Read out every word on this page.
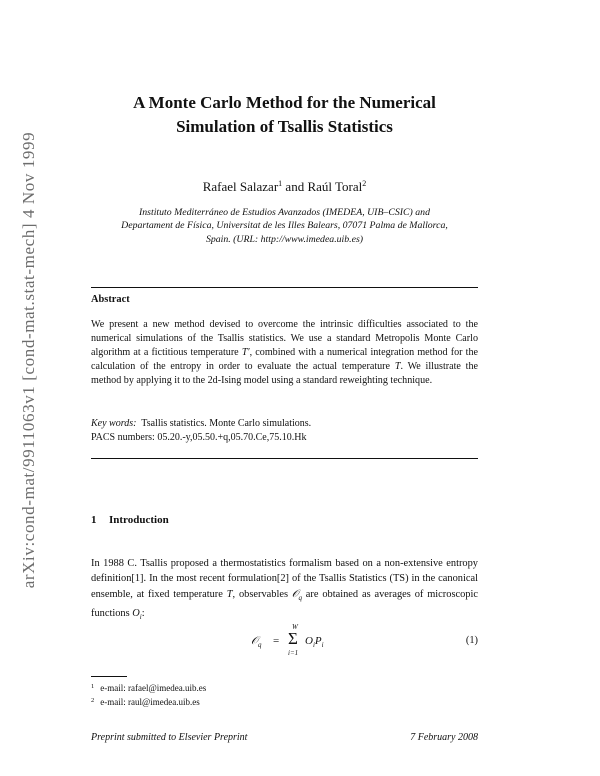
arXiv:cond-mat/9911063v1 [cond-mat.stat-mech] 4 Nov 1999
A Monte Carlo Method for the Numerical
Simulation of Tsallis Statistics
Rafael Salazar$^1$ and Raúl Toral$^2$
Instituto Mediterráneo de Estudios Avanzados (IMEDEA, UIB–CSIC) and
Departament de Física, Universitat de les Illes Balears, 07071 Palma de Mallorca,
Spain. (URL: http://www.imedea.uib.es)
Abstract
We present a new method devised to overcome the intrinsic difficulties associated to the numerical simulations of the Tsallis statistics. We use a standard Metropolis Monte Carlo algorithm at a fictitious temperature T′, combined with a numerical integration method for the calculation of the entropy in order to evaluate the actual temperature T. We illustrate the method by applying it to the 2d-Ising model using a standard reweighting technique.
Key words: Tsallis statistics. Monte Carlo simulations.
PACS numbers: 05.20.-y,05.50.+q,05.70.Ce,75.10.Hk
1 Introduction
In 1988 C. Tsallis proposed a thermostatistics formalism based on a non-extensive entropy definition[1]. In the most recent formulation[2] of the Tsallis Statistics (TS) in the canonical ensemble, at fixed temperature T, observables 𝒪$_q$ are obtained as averages of microscopic functions $O_i$:
𝒪$_q$ =
W
Σ
i=1
$O_iP_i$	(1)
$^1$ e-mail: rafael@imedea.uib.es
$^2$ e-mail: raul@imedea.uib.es
Preprint submitted to Elsevier Preprint	7 February 2008
